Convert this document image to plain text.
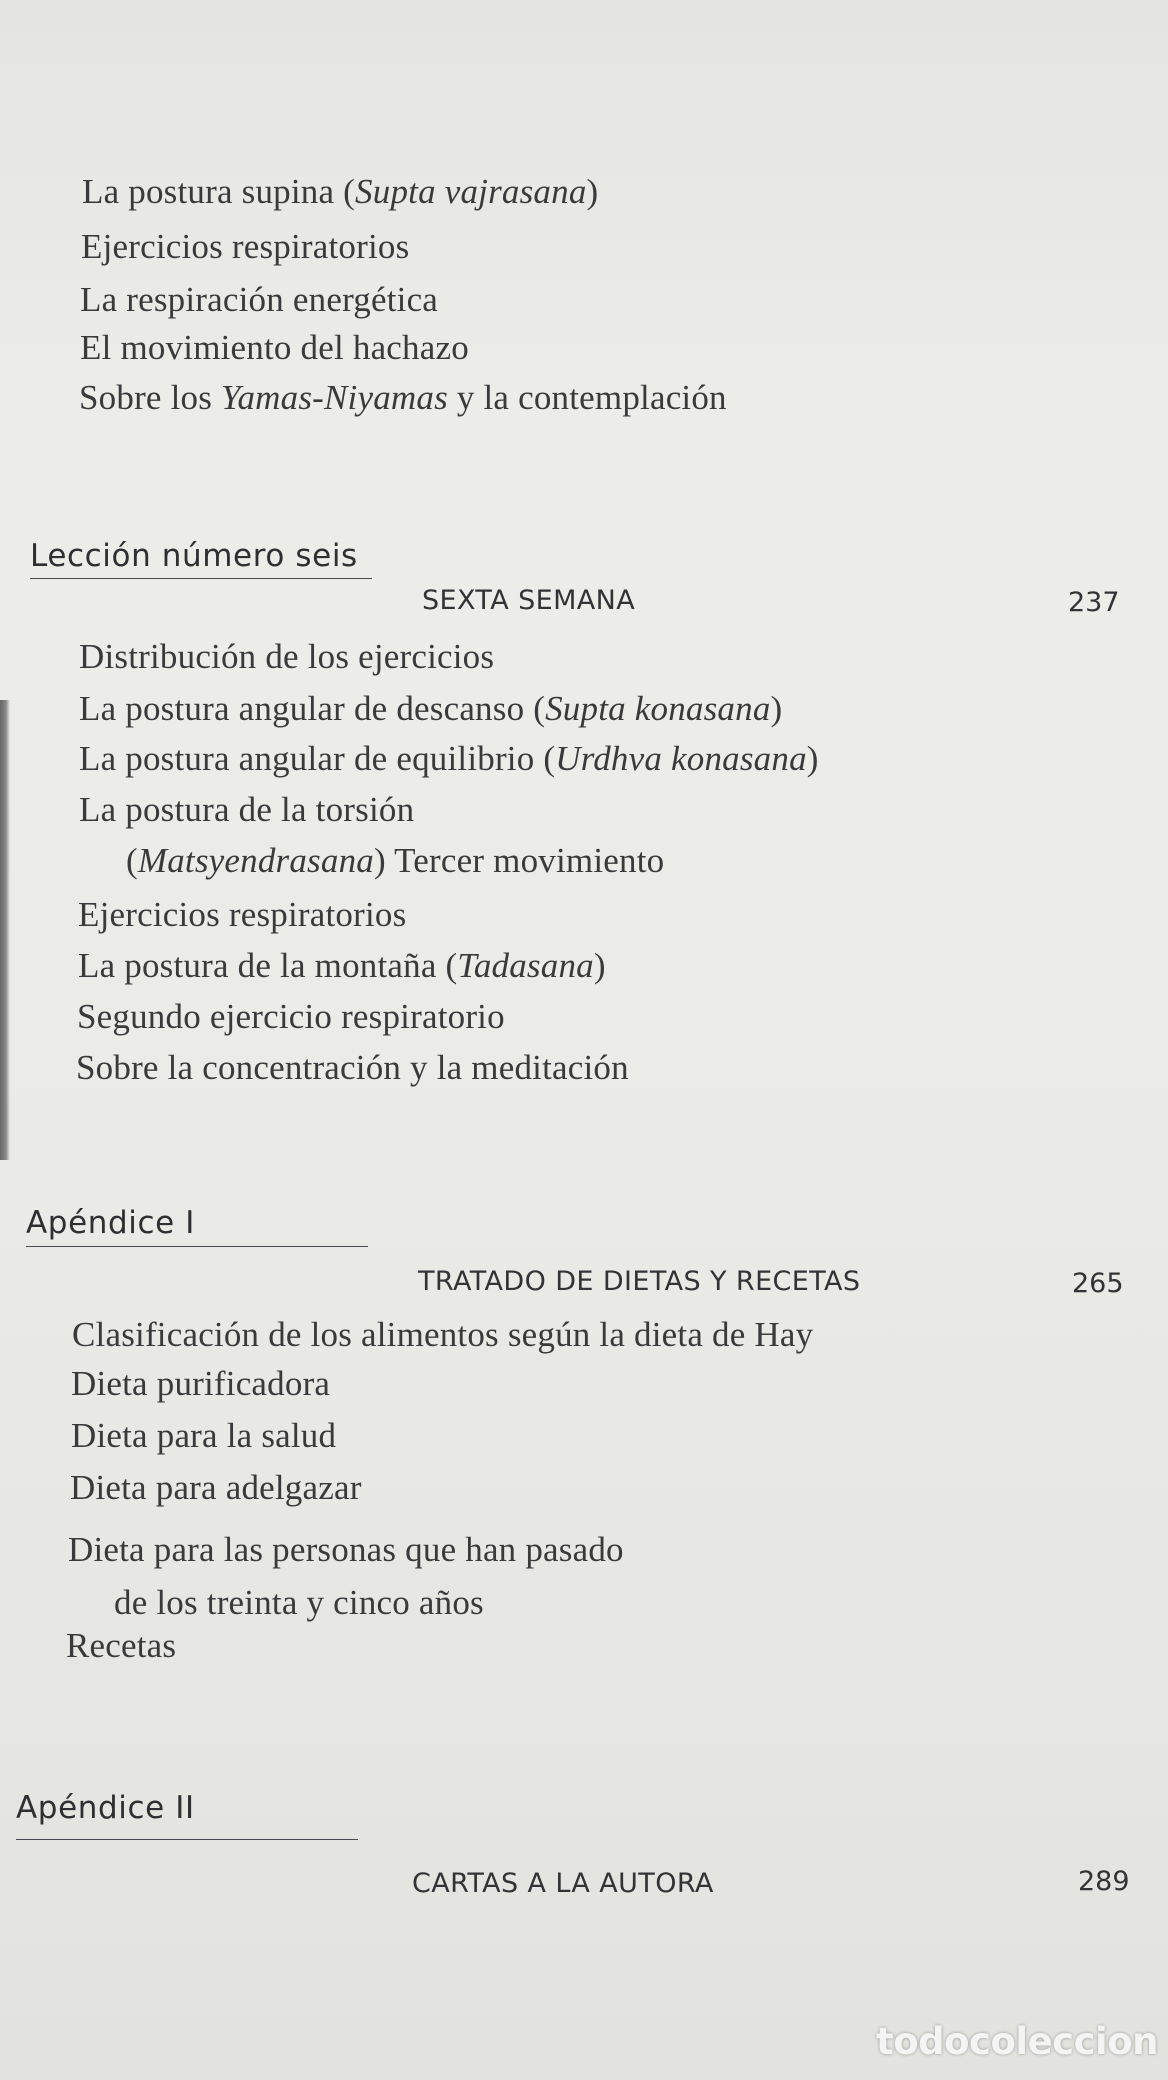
La postura supina (Supta vajrasana)
Ejercicios respiratorios
La respiración energética
El movimiento del hachazo
Sobre los Yamas-Niyamas y la contemplación
Lección número seis
SEXTA SEMANA	237
Distribución de los ejercicios
La postura angular de descanso (Supta konasana)
La postura angular de equilibrio (Urdhva konasana)
La postura de la torsión
(Matsyendrasana) Tercer movimiento
Ejercicios respiratorios
La postura de la montaña (Tadasana)
Segundo ejercicio respiratorio
Sobre la concentración y la meditación
Apéndice I
TRATADO DE DIETAS Y RECETAS	265
Clasificación de los alimentos según la dieta de Hay
Dieta purificadora
Dieta para la salud
Dieta para adelgazar
Dieta para las personas que han pasado
de los treinta y cinco años
Recetas
Apéndice II
CARTAS A LA AUTORA	289
todocoleccion
